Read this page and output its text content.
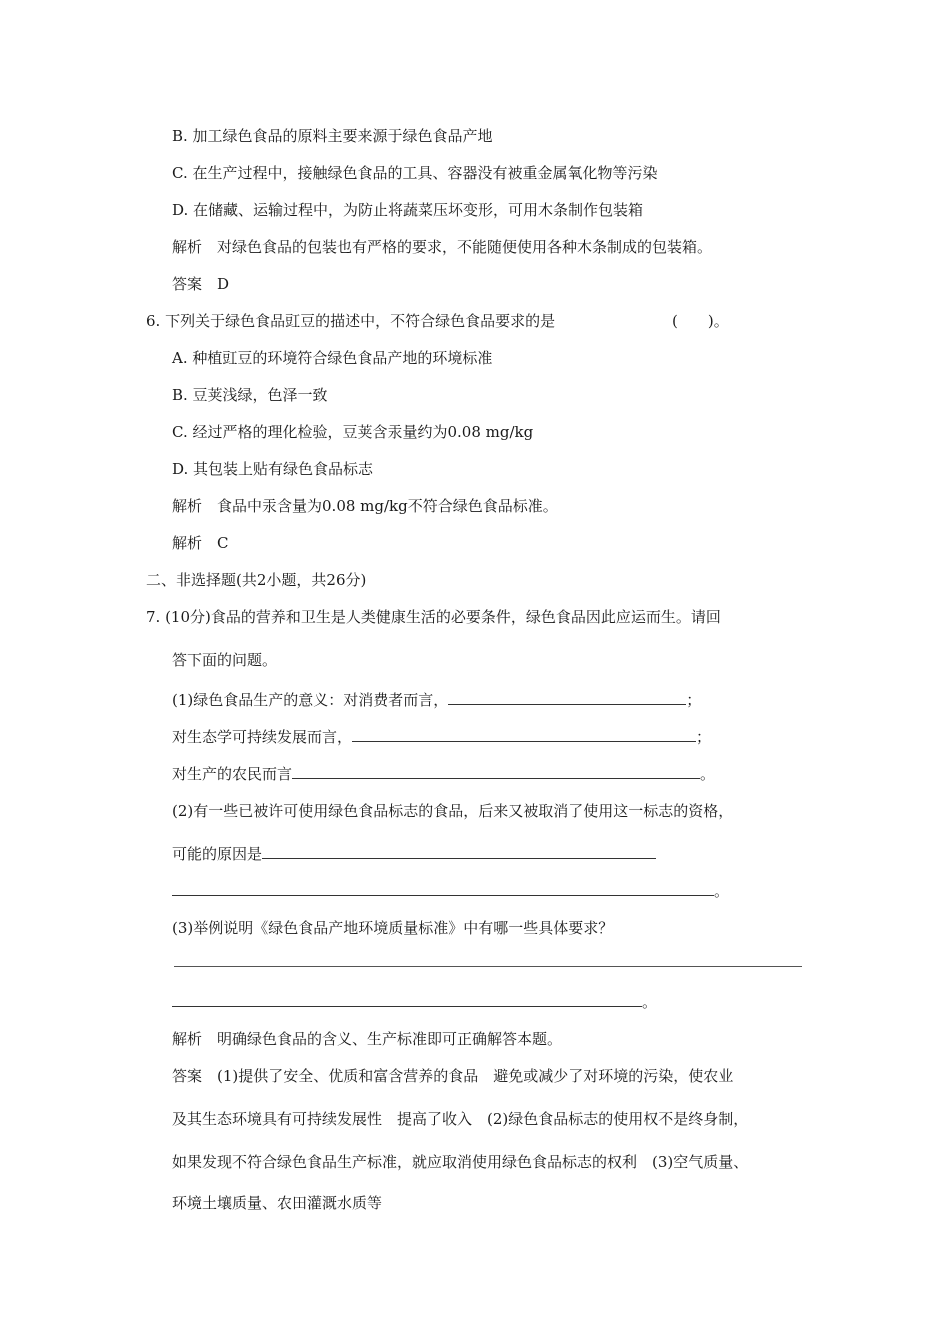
B. 加工绿色食品的原料主要来源于绿色食品产地
C. 在生产过程中，接触绿色食品的工具、容器没有被重金属氧化物等污染
D. 在储藏、运输过程中，为防止将蔬菜压坏变形，可用木条制作包装箱
解析　对绿色食品的包装也有严格的要求，不能随便使用各种木条制成的包装箱。
答案　D
6. 下列关于绿色食品豇豆的描述中，不符合绿色食品要求的是	(　　)。
A. 种植豇豆的环境符合绿色食品产地的环境标准
B. 豆荚浅绿，色泽一致
C. 经过严格的理化检验，豆荚含汞量约为0.08 mg/kg
D. 其包装上贴有绿色食品标志
解析　食品中汞含量为0.08 mg/kg不符合绿色食品标准。
解析　C
二、非选择题(共2小题，共26分)
7. (10分)食品的营养和卫生是人类健康生活的必要条件，绿色食品因此应运而生。请回
答下面的问题。
(1)绿色食品生产的意义：对消费者而言，	；
对生态学可持续发展而言，	；
对生产的农民而言	。
(2)有一些已被许可使用绿色食品标志的食品，后来又被取消了使用这一标志的资格，
可能的原因是
。
(3)举例说明《绿色食品产地环境质量标准》中有哪一些具体要求？
。
解析　明确绿色食品的含义、生产标准即可正确解答本题。
答案　(1)提供了安全、优质和富含营养的食品　避免或减少了对环境的污染，使农业
及其生态环境具有可持续发展性　提高了收入　(2)绿色食品标志的使用权不是终身制，
如果发现不符合绿色食品生产标准，就应取消使用绿色食品标志的权利　(3)空气质量、
环境土壤质量、农田灌溉水质等
